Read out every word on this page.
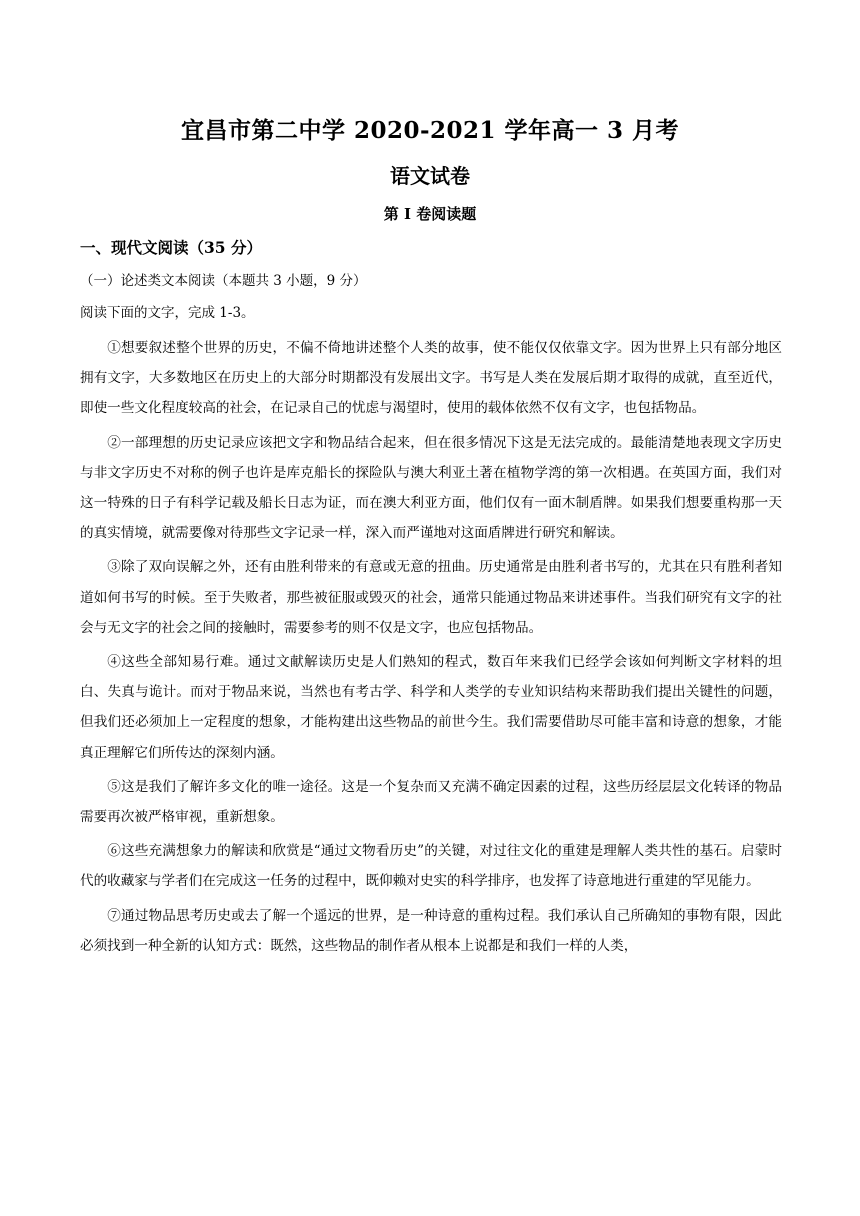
宜昌市第二中学 2020-2021 学年高一 3 月考
语文试卷
第 I 卷阅读题
一、现代文阅读（35 分）
（一）论述类文本阅读（本题共 3 小题，9 分）
阅读下面的文字，完成 1-3。

①想要叙述整个世界的历史，不偏不倚地讲述整个人类的故事，使不能仅仅依靠文字。因为世界上只有部分地区拥有文字，大多数地区在历史上的大部分时期都没有发展出文字。书写是人类在发展后期才取得的成就，直至近代，即使一些文化程度较高的社会，在记录自己的忧虑与渴望时，使用的载体依然不仅有文字，也包括物品。

②一部理想的历史记录应该把文字和物品结合起来，但在很多情况下这是无法完成的。最能清楚地表现文字历史与非文字历史不对称的例子也许是库克船长的探险队与澳大利亚土著在植物学湾的第一次相遇。在英国方面，我们对这一特殊的日子有科学记载及船长日志为证，而在澳大利亚方面，他们仅有一面木制盾牌。如果我们想要重构那一天的真实情境，就需要像对待那些文字记录一样，深入而严谨地对这面盾牌进行研究和解读。

③除了双向误解之外，还有由胜利带来的有意或无意的扭曲。历史通常是由胜利者书写的，尤其在只有胜利者知道如何书写的时候。至于失败者，那些被征服或毁灭的社会，通常只能通过物品来讲述事件。当我们研究有文字的社会与无文字的社会之间的接触时，需要参考的则不仅是文字，也应包括物品。

④这些全部知易行难。通过文献解读历史是人们熟知的程式，数百年来我们已经学会该如何判断文字材料的坦白、失真与诡计。而对于物品来说，当然也有考古学、科学和人类学的专业知识结构来帮助我们提出关键性的问题，但我们还必须加上一定程度的想象，才能构建出这些物品的前世今生。我们需要借助尽可能丰富和诗意的想象，才能真正理解它们所传达的深刻内涵。

⑤这是我们了解许多文化的唯一途径。这是一个复杂而又充满不确定因素的过程，这些历经层层文化转译的物品需要再次被严格审视，重新想象。

⑥这些充满想象力的解读和欣赏是“通过文物看历史”的关键，对过往文化的重建是理解人类共性的基石。启蒙时代的收藏家与学者们在完成这一任务的过程中，既仰赖对史实的科学排序，也发挥了诗意地进行重建的罕见能力。

⑦通过物品思考历史或去了解一个遥远的世界，是一种诗意的重构过程。我们承认自己所确知的事物有限，因此必须找到一种全新的认知方式：既然，这些物品的制作者从根本上说都是和我们一样的人类，
